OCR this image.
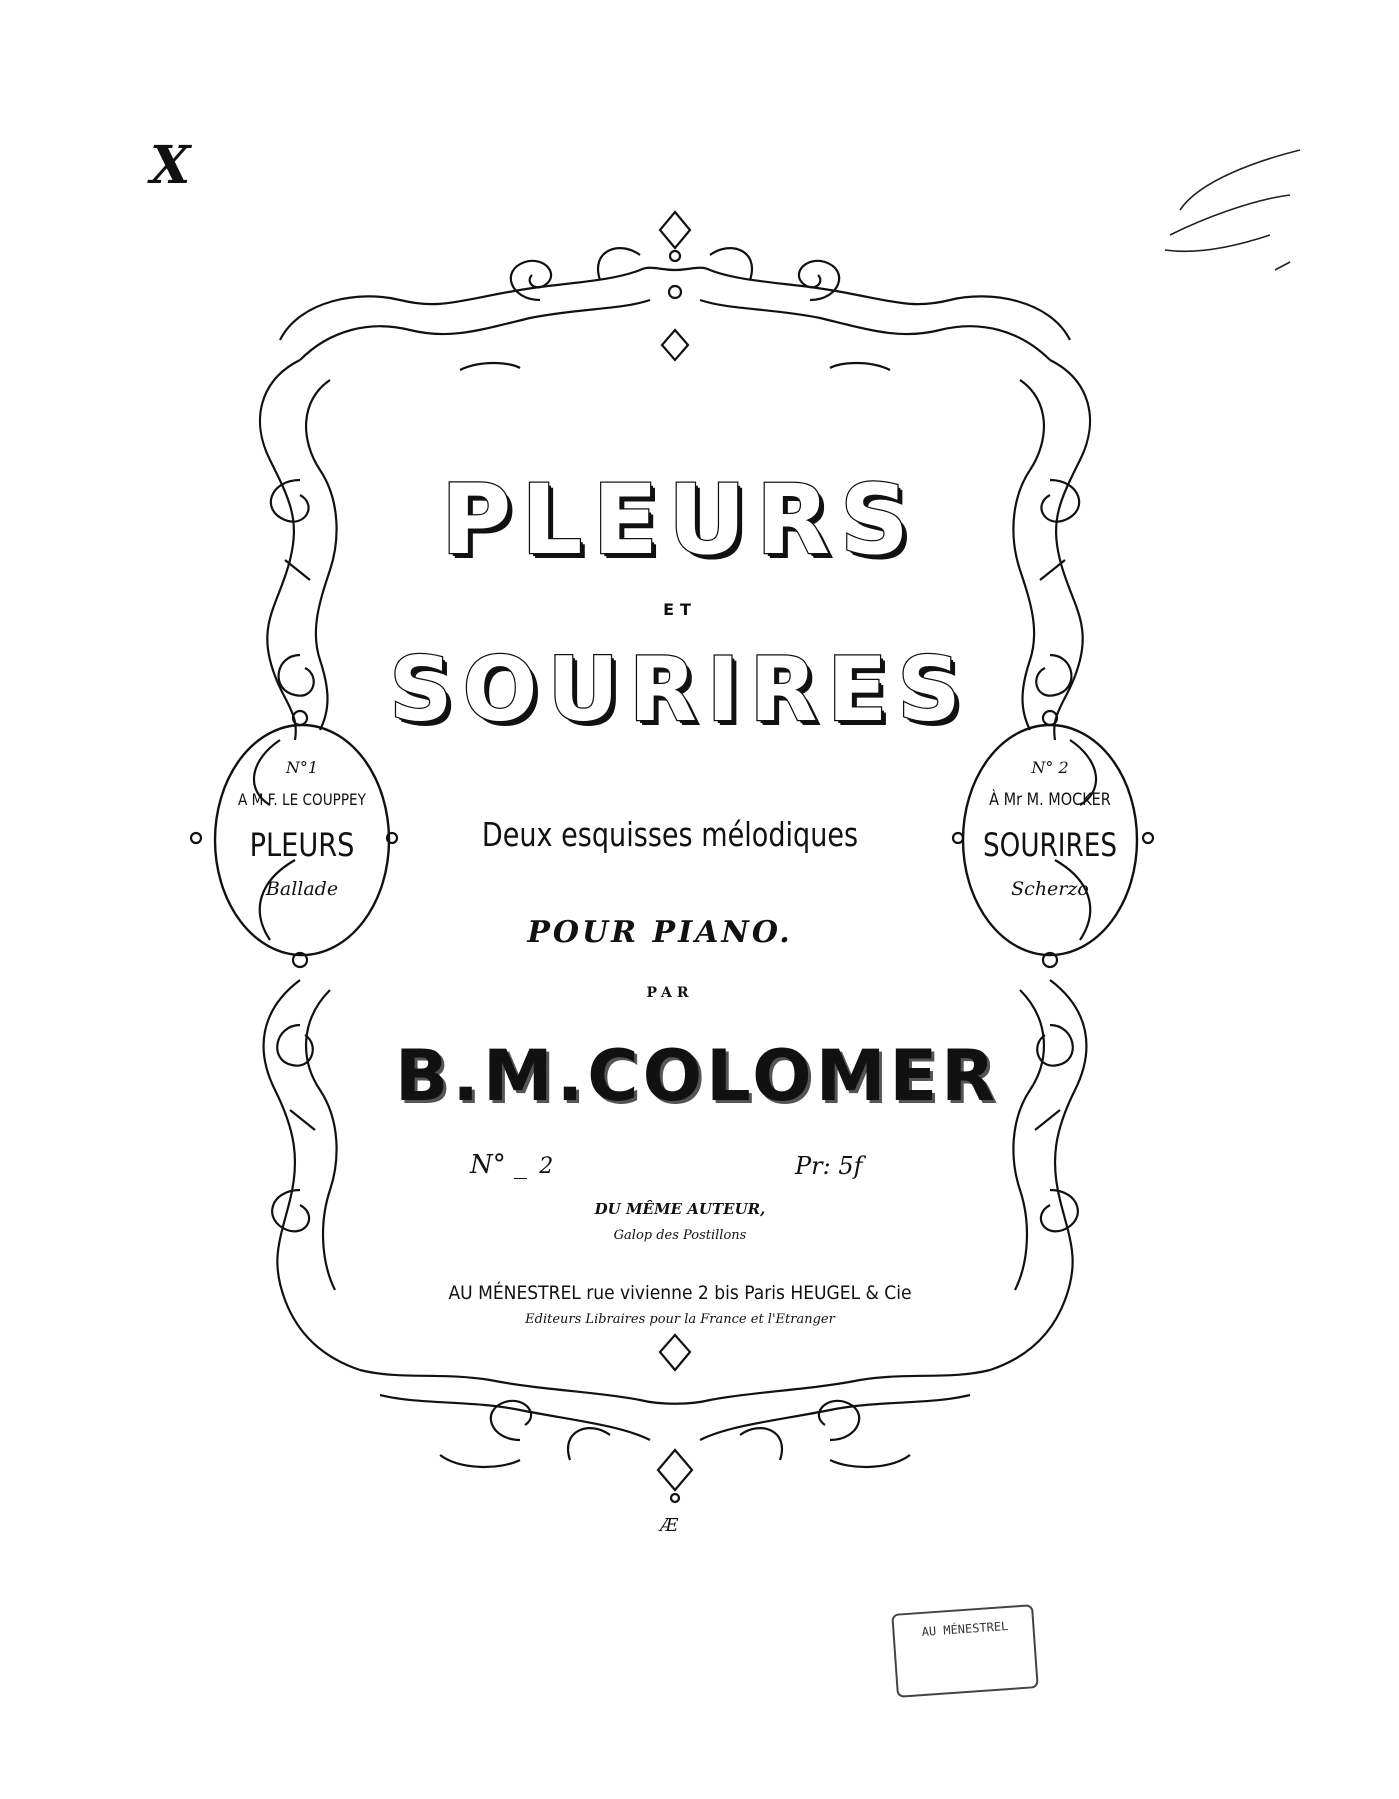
X
PLEURS
ET
SOURIRES
Deux esquisses mélodiques
POUR PIANO.
PAR
B.M.COLOMER
N° _ 2	Pr: 5f
N°1
A M F. LE COUPPEY
PLEURS
Ballade
N° 2
À Mr M. MOCKER
SOURIRES
Scherzo
DU MÊME AUTEUR,
Galop des Postillons
AU MÉNESTREL rue vivienne 2 bis Paris HEUGEL & Cie
Editeurs Libraires pour la France et l'Etranger
Æ
AU MÉNESTREL
